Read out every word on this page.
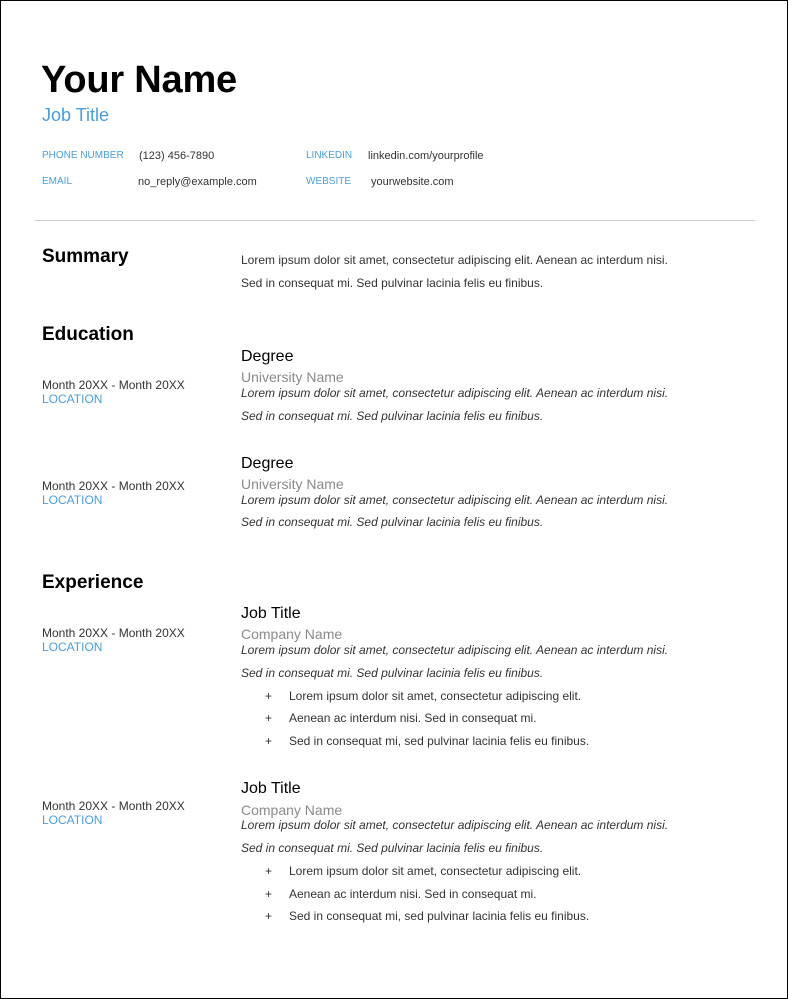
Your Name
Job Title
PHONE NUMBER (123) 456-7890
EMAIL	no_reply@example.com
LINKEDIN linkedin.com/yourprofile
WEBSITE yourwebsite.com
Summary	Lorem ipsum dolor sit amet, consectetur adipiscing elit. Aenean ac interdum nisi.
Sed in consequat mi. Sed pulvinar lacinia felis eu finibus.
Education
Degree
University Name
Lorem ipsum dolor sit amet, consectetur adipiscing elit. Aenean ac interdum nisi.
Sed in consequat mi. Sed pulvinar lacinia felis eu finibus.
Month 20XX - Month 20XX
LOCATION
Degree
University Name
Lorem ipsum dolor sit amet, consectetur adipiscing elit. Aenean ac interdum nisi.
Sed in consequat mi. Sed pulvinar lacinia felis eu finibus.
Month 20XX - Month 20XX
LOCATION
Experience
Job Title
Company Name
Lorem ipsum dolor sit amet, consectetur adipiscing elit. Aenean ac interdum nisi.
Sed in consequat mi. Sed pulvinar lacinia felis eu finibus.
Month 20XX - Month 20XX
LOCATION
+ Lorem ipsum dolor sit amet, consectetur adipiscing elit.
+ Aenean ac interdum nisi. Sed in consequat mi.
+ Sed in consequat mi, sed pulvinar lacinia felis eu finibus.
Job Title
Company Name
Lorem ipsum dolor sit amet, consectetur adipiscing elit. Aenean ac interdum nisi.
Sed in consequat mi. Sed pulvinar lacinia felis eu finibus.
Month 20XX - Month 20XX
LOCATION
+ Lorem ipsum dolor sit amet, consectetur adipiscing elit.
+ Aenean ac interdum nisi. Sed in consequat mi.
+ Sed in consequat mi, sed pulvinar lacinia felis eu finibus.
